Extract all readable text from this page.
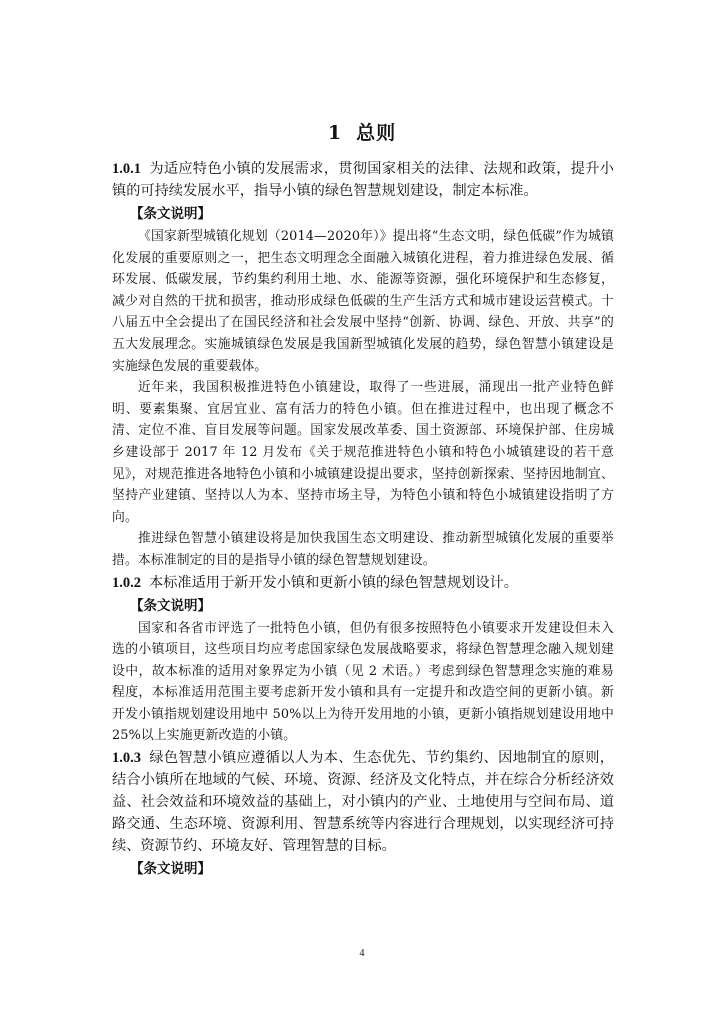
1 总则

1.0.1 为适应特色小镇的发展需求，贯彻国家相关的法律、法规和政策，提升小镇的可持续发展水平，指导小镇的绿色智慧规划建设，制定本标准。

【条文说明】

《国家新型城镇化规划（2014—2020年）》提出将“生态文明，绿色低碳”作为城镇化发展的重要原则之一，把生态文明理念全面融入城镇化进程，着力推进绿色发展、循环发展、低碳发展，节约集约利用土地、水、能源等资源，强化环境保护和生态修复，减少对自然的干扰和损害，推动形成绿色低碳的生产生活方式和城市建设运营模式。十八届五中全会提出了在国民经济和社会发展中坚持“创新、协调、绿色、开放、共享”的五大发展理念。实施城镇绿色发展是我国新型城镇化发展的趋势，绿色智慧小镇建设是实施绿色发展的重要载体。

近年来，我国积极推进特色小镇建设，取得了一些进展，涌现出一批产业特色鲜明、要素集聚、宜居宜业、富有活力的特色小镇。但在推进过程中，也出现了概念不清、定位不准、盲目发展等问题。国家发展改革委、国土资源部、环境保护部、住房城乡建设部于 2017 年 12 月发布《关于规范推进特色小镇和特色小城镇建设的若干意见》，对规范推进各地特色小镇和小城镇建设提出要求，坚持创新探索、坚持因地制宜、坚持产业建镇、坚持以人为本、坚持市场主导，为特色小镇和特色小城镇建设指明了方向。

推进绿色智慧小镇建设将是加快我国生态文明建设、推动新型城镇化发展的重要举措。本标准制定的目的是指导小镇的绿色智慧规划建设。

1.0.2 本标准适用于新开发小镇和更新小镇的绿色智慧规划设计。

【条文说明】

国家和各省市评选了一批特色小镇，但仍有很多按照特色小镇要求开发建设但未入选的小镇项目，这些项目均应考虑国家绿色发展战略要求，将绿色智慧理念融入规划建设中，故本标准的适用对象界定为小镇（见 2 术语。）考虑到绿色智慧理念实施的难易程度，本标准适用范围主要考虑新开发小镇和具有一定提升和改造空间的更新小镇。新开发小镇指规划建设用地中 50%以上为待开发用地的小镇，更新小镇指规划建设用地中 25%以上实施更新改造的小镇。

1.0.3 绿色智慧小镇应遵循以人为本、生态优先、节约集约、因地制宜的原则，结合小镇所在地域的气候、环境、资源、经济及文化特点，并在综合分析经济效益、社会效益和环境效益的基础上，对小镇内的产业、土地使用与空间布局、道路交通、生态环境、资源利用、智慧系统等内容进行合理规划，以实现经济可持续、资源节约、环境友好、管理智慧的目标。

【条文说明】
4
